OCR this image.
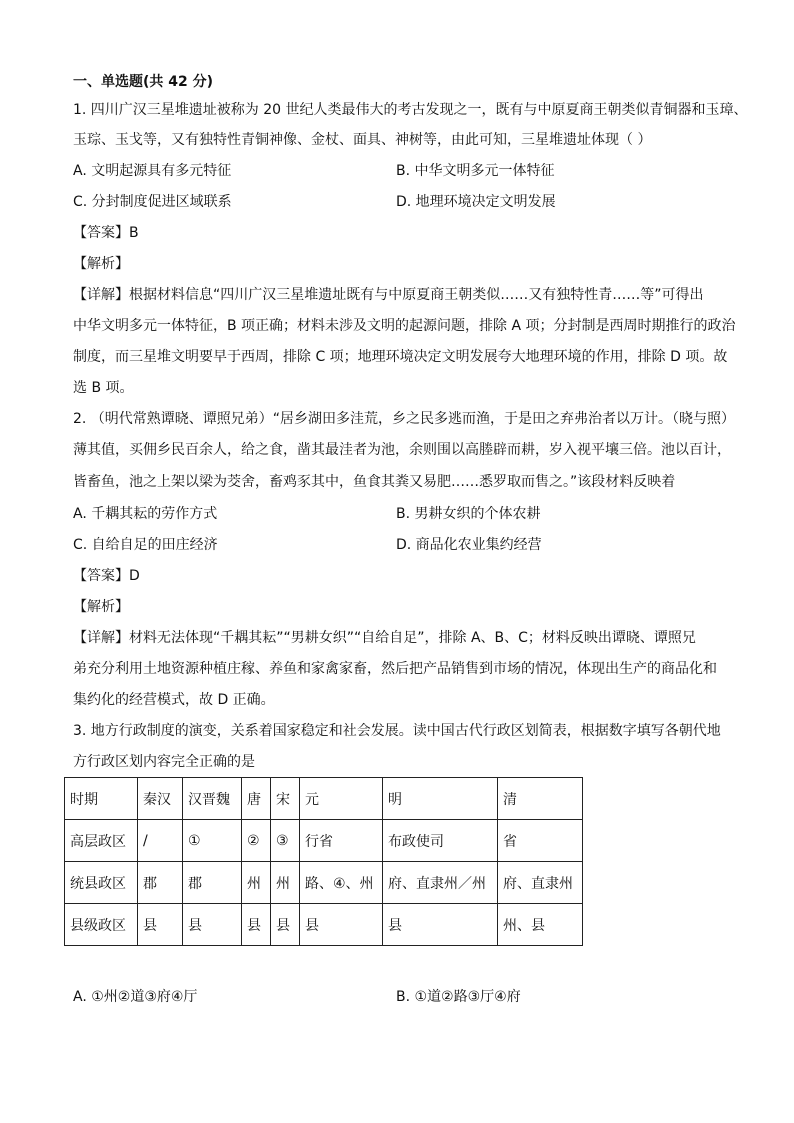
一、单选题(共 42 分)
1. 四川广汉三星堆遗址被称为 20 世纪人类最伟大的考古发现之一，既有与中原夏商王朝类似青铜器和玉璋、
玉琮、玉戈等，又有独特性青铜神像、金杖、面具、神树等，由此可知，三星堆遗址体现（ ）
A. 文明起源具有多元特征	B. 中华文明多元一体特征
C. 分封制度促进区域联系	D. 地理环境决定文明发展
【答案】B
【解析】
【详解】根据材料信息“四川广汉三星堆遗址既有与中原夏商王朝类似……又有独特性青……等”可得出
中华文明多元一体特征，B 项正确；材料未涉及文明的起源问题，排除 A 项；分封制是西周时期推行的政治
制度，而三星堆文明要早于西周，排除 C 项；地理环境决定文明发展夸大地理环境的作用，排除 D 项。故
选 B 项。
2. （明代常熟谭晓、谭照兄弟）“居乡湖田多洼荒，乡之民多逃而渔，于是田之弃弗治者以万计。（晓与照）
薄其值，买佣乡民百余人，给之食，凿其最洼者为池，余则围以高塍辟而耕，岁入视平壤三倍。池以百计，
皆畜鱼，池之上架以梁为茭舍，畜鸡豕其中，鱼食其粪又易肥……悉罗取而售之。”该段材料反映着
A. 千耦其耘的劳作方式	B. 男耕女织的个体农耕
C. 自给自足的田庄经济	D. 商品化农业集约经营
【答案】D
【解析】
【详解】材料无法体现“千耦其耘”“男耕女织”“自给自足”，排除 A、B、C；材料反映出谭晓、谭照兄
弟充分利用土地资源种植庄稼、养鱼和家禽家畜，然后把产品销售到市场的情况，体现出生产的商品化和
集约化的经营模式，故 D 正确。
3. 地方行政制度的演变，关系着国家稳定和社会发展。读中国古代行政区划简表，根据数字填写各朝代地
方行政区划内容完全正确的是
时期	秦汉	汉晋魏	唐	宋	元	明	清
高层政区	/	①	②	③	行省	布政使司	省
统县政区	郡	郡	州	州	路、④、州	府、直隶州／州	府、直隶州
县级政区	县	县	县	县	县	县	州、县
A. ①州②道③府④厅	B. ①道②路③厅④府
